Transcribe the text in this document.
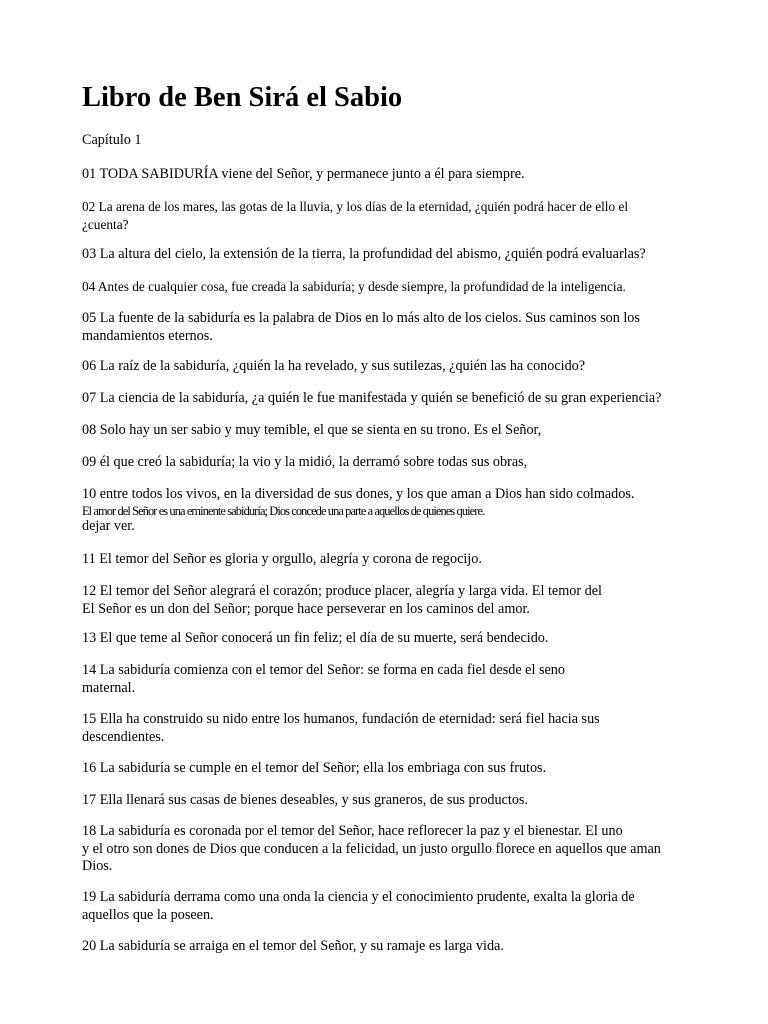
Libro de Ben Sirá el Sabio

Capítulo 1

01 TODA SABIDURÍA viene del Señor, y permanece junto a él para siempre.

02 La arena de los mares, las gotas de la lluvia, y los días de la eternidad, ¿quién podrá hacer de ello el
¿cuenta?

03 La altura del cielo, la extensión de la tierra, la profundidad del abismo, ¿quién podrá evaluarlas?

04 Antes de cualquier cosa, fue creada la sabiduría; y desde siempre, la profundidad de la inteligencia.

05 La fuente de la sabiduría es la palabra de Dios en lo más alto de los cielos. Sus caminos son los
mandamientos eternos.

06 La raíz de la sabiduría, ¿quién la ha revelado, y sus sutilezas, ¿quién las ha conocido?

07 La ciencia de la sabiduría, ¿a quién le fue manifestada y quién se benefició de su gran experiencia?

08 Solo hay un ser sabio y muy temible, el que se sienta en su trono. Es el Señor,

09 él que creó la sabiduría; la vio y la midió, la derramó sobre todas sus obras,

10 entre todos los vivos, en la diversidad de sus dones, y los que aman a Dios han sido colmados.
El amor del Señor es una eminente sabiduría; Dios concede una parte a aquellos de quienes quiere.
dejar ver.

11 El temor del Señor es gloria y orgullo, alegría y corona de regocijo.

12 El temor del Señor alegrará el corazón; produce placer, alegría y larga vida. El temor del
El Señor es un don del Señor; porque hace perseverar en los caminos del amor.

13 El que teme al Señor conocerá un fin feliz; el día de su muerte, será bendecido.

14 La sabiduría comienza con el temor del Señor: se forma en cada fiel desde el seno
maternal.

15 Ella ha construido su nido entre los humanos, fundación de eternidad: será fiel hacia sus
descendientes.

16 La sabiduría se cumple en el temor del Señor; ella los embriaga con sus frutos.

17 Ella llenará sus casas de bienes deseables, y sus graneros, de sus productos.

18 La sabiduría es coronada por el temor del Señor, hace reflorecer la paz y el bienestar. El uno
y el otro son dones de Dios que conducen a la felicidad, un justo orgullo florece en aquellos que aman
Dios.

19 La sabiduría derrama como una onda la ciencia y el conocimiento prudente, exalta la gloria de
aquellos que la poseen.

20 La sabiduría se arraiga en el temor del Señor, y su ramaje es larga vida.
